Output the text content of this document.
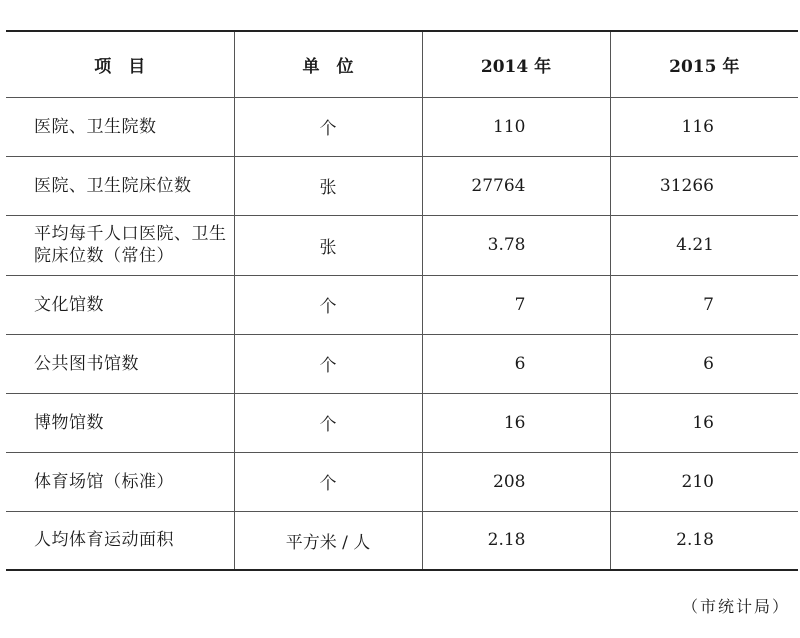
项　目	单　位	2014 年	2015 年
医院、卫生院数	个	110	116
医院、卫生院床位数	张	27764	31266
平均每千人口医院、卫生院床位数（常住）	张	3.78	4.21
文化馆数	个	7	7
公共图书馆数	个	6	6
博物馆数	个	16	16
体育场馆（标准）	个	208	210
人均体育运动面积	平方米 / 人	2.18	2.18
（市统计局）
